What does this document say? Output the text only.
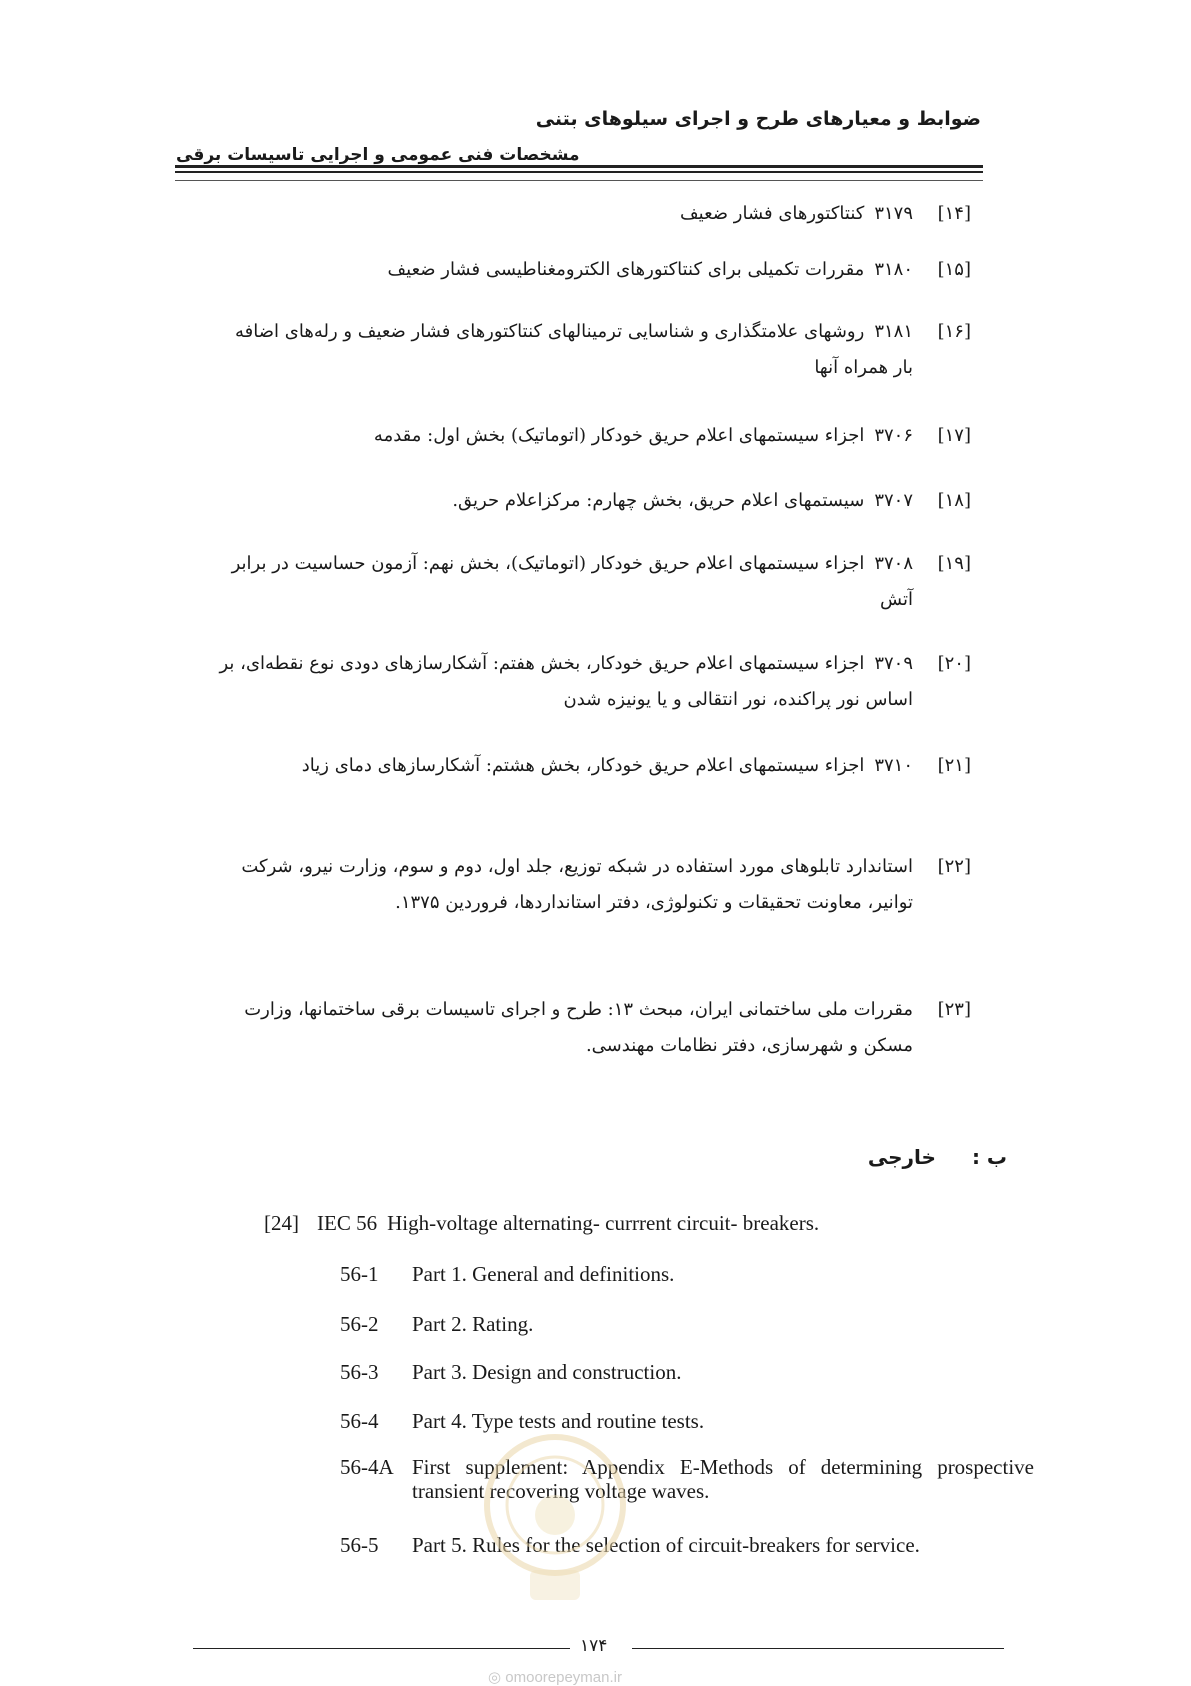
ضوابط و معیارهای طرح و اجرای سیلوهای بتنی
مشخصات فنی عمومی و اجرایی تاسیسات برقی
[۱۴]
۳۱۷۹کنتاکتورهای فشار ضعیف
[۱۵]
۳۱۸۰مقررات تکمیلی برای کنتاکتورهای الکترومغناطیسی فشار ضعیف
[۱۶]
۳۱۸۱روشهای علامتگذاری و شناسایی ترمینالهای کنتاکتورهای فشار ضعیف و رله‌های اضافه بار همراه آنها
[۱۷]
۳۷۰۶اجزاء سیستمهای اعلام حریق خودکار (اتوماتیک) بخش اول: مقدمه
[۱۸]
۳۷۰۷سیستمهای اعلام حریق، بخش چهارم: مرکزاعلام حریق.
[۱۹]
۳۷۰۸اجزاء سیستمهای اعلام حریق خودکار (اتوماتیک)، بخش نهم: آزمون حساسیت در برابر آتش
[۲۰]
۳۷۰۹اجزاء سیستمهای اعلام حریق خودکار، بخش هفتم: آشکارسازهای دودی نوع نقطه‌ای، بر اساس نور پراکنده، نور انتقالی و یا یونیزه شدن
[۲۱]
۳۷۱۰اجزاء سیستمهای اعلام حریق خودکار، بخش هشتم: آشکارسازهای دمای زیاد
[۲۲]
استاندارد تابلوهای مورد استفاده در شبکه توزیع، جلد اول، دوم و سوم، وزارت نیرو، شرکت توانیر، معاونت تحقیقات و تکنولوژی، دفتر استانداردها، فروردین ۱۳۷۵.
[۲۳]
مقررات ملی ساختمانی ایران، مبحث ۱۳: طرح و اجرای تاسیسات برقی ساختمانها، وزارت مسکن و شهرسازی، دفتر نظامات مهندسی.
ب :خارجی
[24] IEC 56 High-voltage alternating- currrent circuit- breakers.
56-1 Part 1. General and definitions.
56-2 Part 2. Rating.
56-3 Part 3. Design and construction.
56-4 Part 4. Type tests and routine tests.
56-4A First supplement: Appendix E-Methods of determining prospective transient recovering voltage waves.
56-5 Part 5. Rules for the selection of circuit-breakers for service.
۱۷۴
◎ omoorepeyman.ir
